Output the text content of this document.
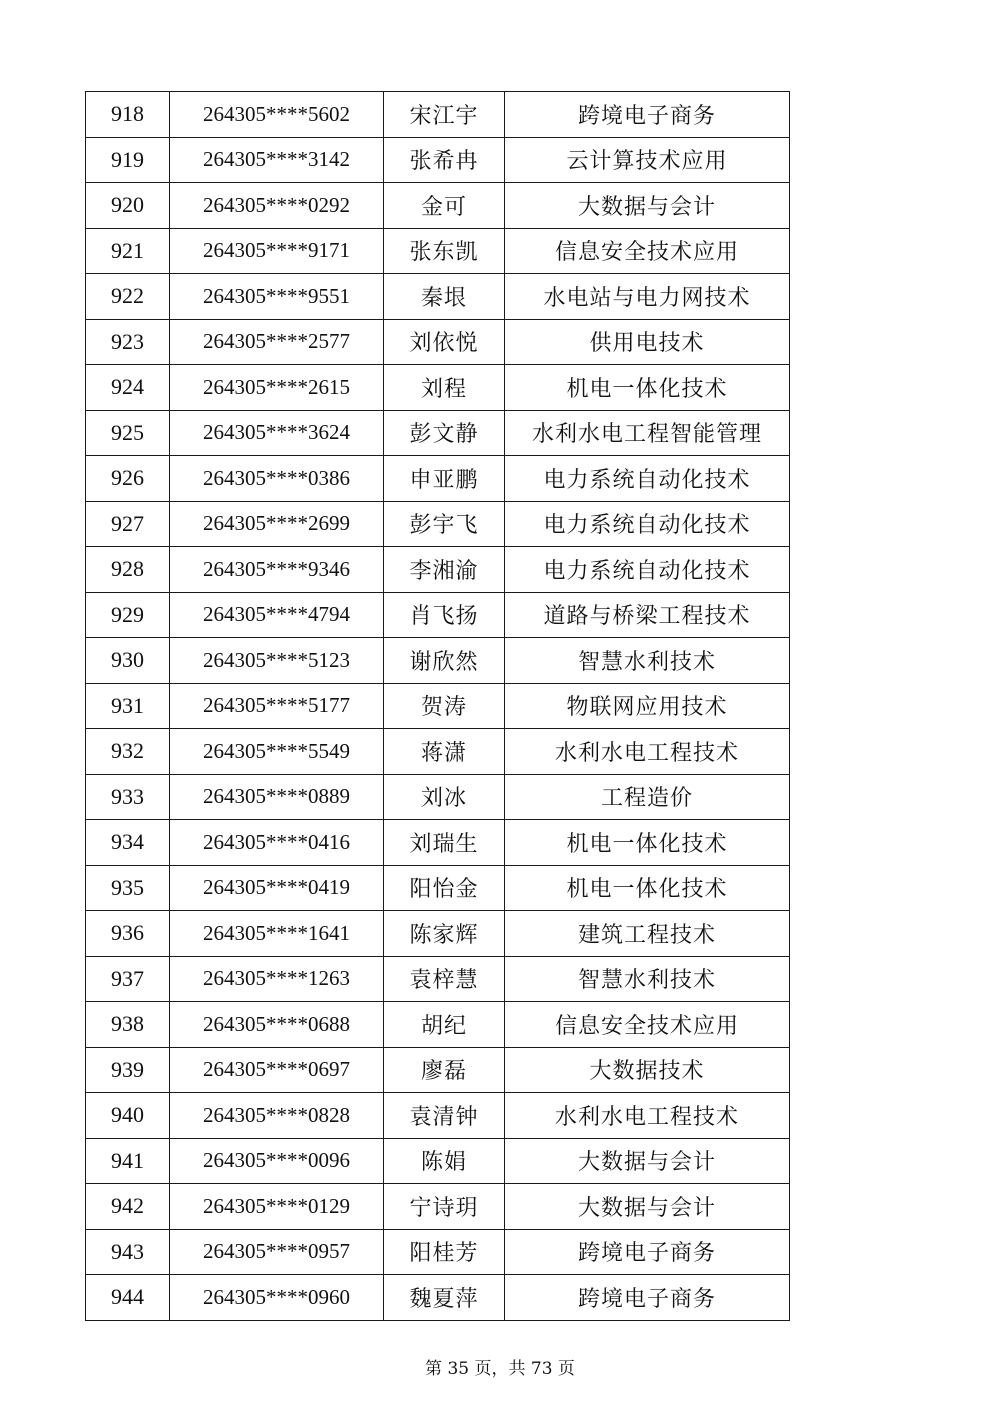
918	264305****5602	宋江宇	跨境电子商务
919	264305****3142	张希冉	云计算技术应用
920	264305****0292	金可	大数据与会计
921	264305****9171	张东凯	信息安全技术应用
922	264305****9551	秦垠	水电站与电力网技术
923	264305****2577	刘依悦	供用电技术
924	264305****2615	刘程	机电一体化技术
925	264305****3624	彭文静	水利水电工程智能管理
926	264305****0386	申亚鹏	电力系统自动化技术
927	264305****2699	彭宇飞	电力系统自动化技术
928	264305****9346	李湘渝	电力系统自动化技术
929	264305****4794	肖飞扬	道路与桥梁工程技术
930	264305****5123	谢欣然	智慧水利技术
931	264305****5177	贺涛	物联网应用技术
932	264305****5549	蒋潇	水利水电工程技术
933	264305****0889	刘冰	工程造价
934	264305****0416	刘瑞生	机电一体化技术
935	264305****0419	阳怡金	机电一体化技术
936	264305****1641	陈家辉	建筑工程技术
937	264305****1263	袁梓慧	智慧水利技术
938	264305****0688	胡纪	信息安全技术应用
939	264305****0697	廖磊	大数据技术
940	264305****0828	袁清钟	水利水电工程技术
941	264305****0096	陈娟	大数据与会计
942	264305****0129	宁诗玥	大数据与会计
943	264305****0957	阳桂芳	跨境电子商务
944	264305****0960	魏夏萍	跨境电子商务
第 35 页，共 73 页
